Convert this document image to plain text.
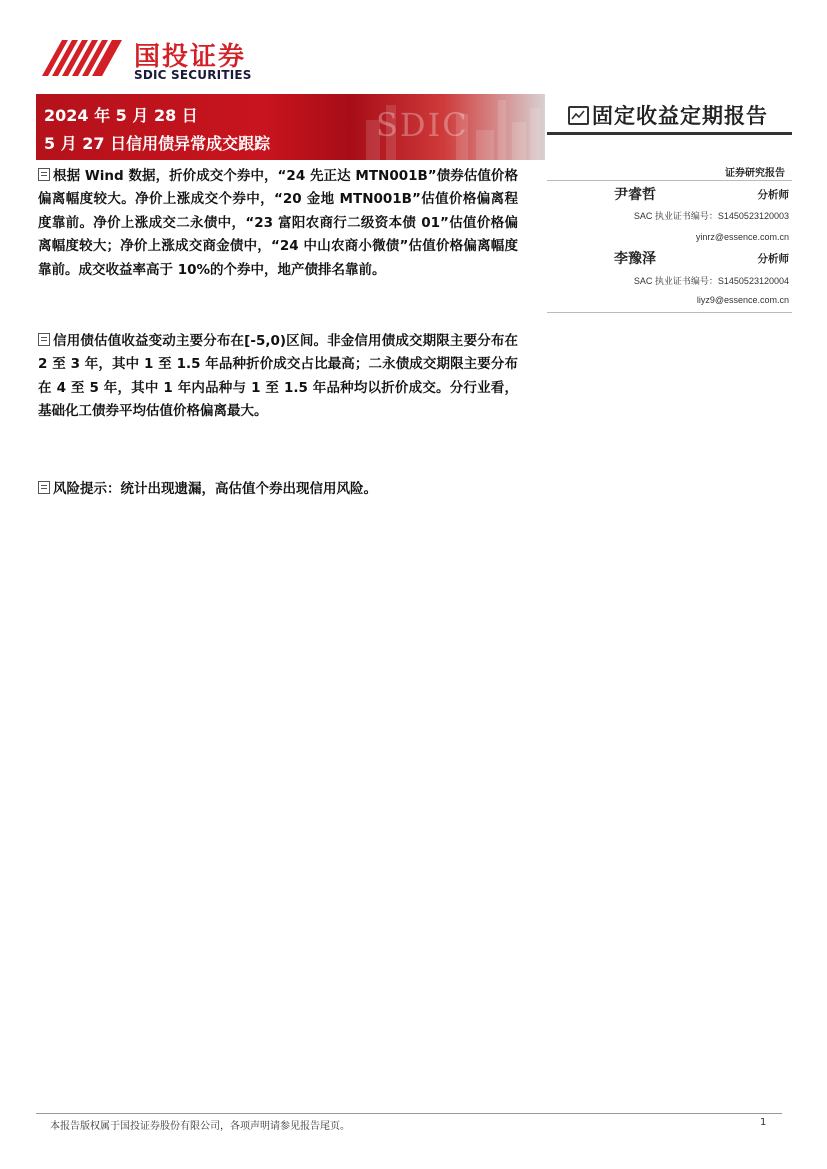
国投证券
SDIC SECURITIES
SDIC
2024 年 5 月 28 日
5 月 27 日信用债异常成交跟踪
固定收益定期报告
证券研究报告
尹睿哲	分析师
SAC 执业证书编号：S1450523120003
yinrz@essence.com.cn
李豫泽	分析师
SAC 执业证书编号：S1450523120004
liyz9@essence.com.cn
根据 Wind 数据，折价成交个券中，“24 先正达 MTN001B”债券估值价格偏离幅度较大。净价上涨成交个券中，“20 金地 MTN001B”估值价格偏离程度靠前。净价上涨成交二永债中，“23 富阳农商行二级资本债 01”估值价格偏离幅度较大；净价上涨成交商金债中，“24 中山农商小微债”估值价格偏离幅度靠前。成交收益率高于 10%的个券中，地产债排名靠前。
信用债估值收益变动主要分布在[-5,0)区间。非金信用债成交期限主要分布在 2 至 3 年，其中 1 至 1.5 年品种折价成交占比最高；二永债成交期限主要分布在 4 至 5 年，其中 1 年内品种与 1 至 1.5 年品种均以折价成交。分行业看，基础化工债券平均估值价格偏离最大。
风险提示：统计出现遗漏，高估值个券出现信用风险。
本报告版权属于国投证券股份有限公司，各项声明请参见报告尾页。	1
